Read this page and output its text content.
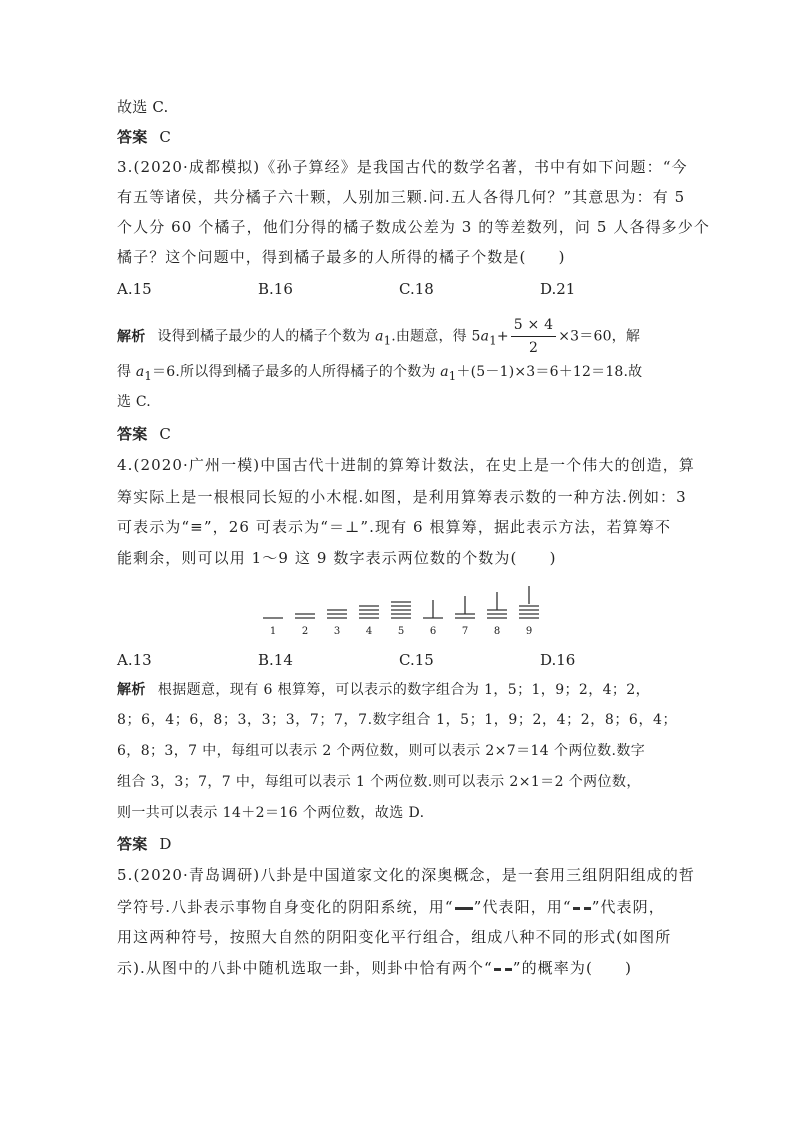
故选 C.
答案 C
3.(2020·成都模拟)《孙子算经》是我国古代的数学名著，书中有如下问题：“今
有五等诸侯，共分橘子六十颗，人别加三颗.问.五人各得几何？”其意思为：有 5
个人分 60 个橘子，他们分得的橘子数成公差为 3 的等差数列，问 5 人各得多少个
橘子？这个问题中，得到橘子最多的人所得的橘子个数是(　　)
A.15	B.16	C.18	D.21
解析 设得到橘子最少的人的橘子个数为 $a_1$.由题意，得 $5a_1+ \frac{5 \times 4}{2} \times 3=60$，解
得 $a_1=6$.所以得到橘子最多的人所得橘子的个数为 $a_1+(5-1)\times 3=6+12=18$.故
选 C.
答案 C
4.(2020·广州一模)中国古代十进制的算筹计数法，在史上是一个伟大的创造，算
筹实际上是一根根同长短的小木棍.如图，是利用算筹表示数的一种方法.例如：3
可表示为“≡”，26 可表示为“＝⊥”.现有 6 根算筹，据此表示方法，若算筹不
能剩余，则可以用 1～9 这 9 数字表示两位数的个数为(　　)
1	2	3	4	5	6	7	8	9
A.13	B.14	C.15	D.16
解析 根据题意，现有 6 根算筹，可以表示的数字组合为 1，5；1，9；2，4；2，
8；6，4；6，8；3，3；3，7；7，7.数字组合 1，5；1，9；2，4；2，8；6，4；
6，8；3，7 中，每组可以表示 2 个两位数，则可以表示 2×7＝14 个两位数.数字
组合 3，3；7，7 中，每组可以表示 1 个两位数.则可以表示 2×1＝2 个两位数，
则一共可以表示 14＋2＝16 个两位数，故选 D.
答案 D
5.(2020·青岛调研)八卦是中国道家文化的深奥概念，是一套用三组阴阳组成的哲
学符号.八卦表示事物自身变化的阴阳系统，用“ ”代表阳，用“ ”代表阴，
用这两种符号，按照大自然的阴阳变化平行组合，组成八种不同的形式(如图所
示).从图中的八卦中随机选取一卦，则卦中恰有两个“ ”的概率为(　　)
